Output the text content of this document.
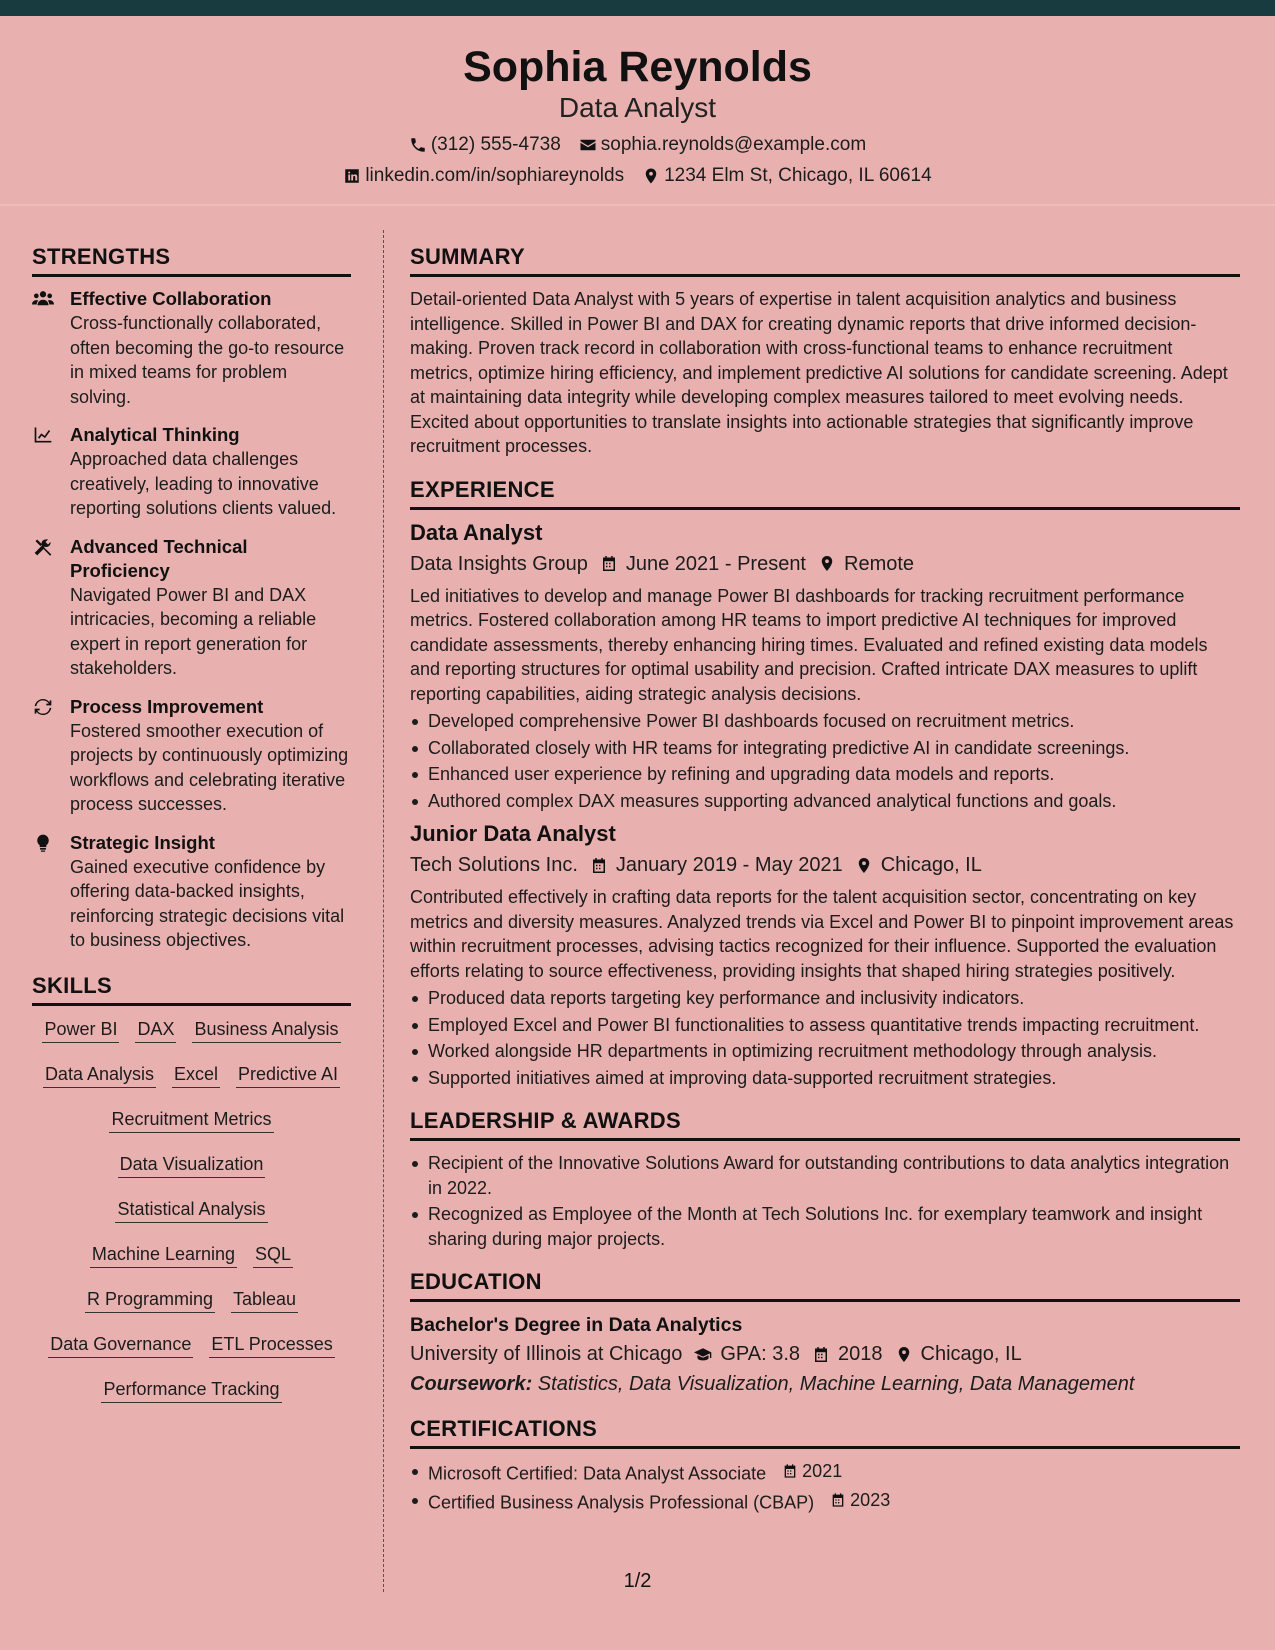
Sophia Reynolds
Data Analyst
(312) 555-4738 sophia.reynolds@example.com
linkedin.com/in/sophiareynolds 1234 Elm St, Chicago, IL 60614
STRENGTHS
Effective Collaboration
Cross-functionally collaborated, often becoming the go-to resource in mixed teams for problem solving.
Analytical Thinking
Approached data challenges creatively, leading to innovative reporting solutions clients valued.
Advanced Technical Proficiency
Navigated Power BI and DAX intricacies, becoming a reliable expert in report generation for stakeholders.
Process Improvement
Fostered smoother execution of projects by continuously optimizing workflows and celebrating iterative process successes.
Strategic Insight
Gained executive confidence by offering data-backed insights, reinforcing strategic decisions vital to business objectives.
SKILLS
Power BI DAX Business Analysis
Data Analysis Excel Predictive AI
Recruitment Metrics
Data Visualization
Statistical Analysis
Machine Learning SQL
R Programming Tableau
Data Governance ETL Processes
Performance Tracking
SUMMARY
Detail-oriented Data Analyst with 5 years of expertise in talent acquisition analytics and business intelligence. Skilled in Power BI and DAX for creating dynamic reports that drive informed decision-making. Proven track record in collaboration with cross-functional teams to enhance recruitment metrics, optimize hiring efficiency, and implement predictive AI solutions for candidate screening. Adept at maintaining data integrity while developing complex measures tailored to meet evolving needs. Excited about opportunities to translate insights into actionable strategies that significantly improve recruitment processes.
EXPERIENCE
Data Analyst
Data Insights Group June 2021 - Present Remote
Led initiatives to develop and manage Power BI dashboards for tracking recruitment performance metrics. Fostered collaboration among HR teams to import predictive AI techniques for improved candidate assessments, thereby enhancing hiring times. Evaluated and refined existing data models and reporting structures for optimal usability and precision. Crafted intricate DAX measures to uplift reporting capabilities, aiding strategic analysis decisions.
Developed comprehensive Power BI dashboards focused on recruitment metrics.
Collaborated closely with HR teams for integrating predictive AI in candidate screenings.
Enhanced user experience by refining and upgrading data models and reports.
Authored complex DAX measures supporting advanced analytical functions and goals.
Junior Data Analyst
Tech Solutions Inc. January 2019 - May 2021 Chicago, IL
Contributed effectively in crafting data reports for the talent acquisition sector, concentrating on key metrics and diversity measures. Analyzed trends via Excel and Power BI to pinpoint improvement areas within recruitment processes, advising tactics recognized for their influence. Supported the evaluation efforts relating to source effectiveness, providing insights that shaped hiring strategies positively.
Produced data reports targeting key performance and inclusivity indicators.
Employed Excel and Power BI functionalities to assess quantitative trends impacting recruitment.
Worked alongside HR departments in optimizing recruitment methodology through analysis.
Supported initiatives aimed at improving data-supported recruitment strategies.
LEADERSHIP & AWARDS
Recipient of the Innovative Solutions Award for outstanding contributions to data analytics integration in 2022.
Recognized as Employee of the Month at Tech Solutions Inc. for exemplary teamwork and insight sharing during major projects.
EDUCATION
Bachelor's Degree in Data Analytics
University of Illinois at Chicago GPA: 3.8 2018 Chicago, IL
Coursework: Statistics, Data Visualization, Machine Learning, Data Management
CERTIFICATIONS
Microsoft Certified: Data Analyst Associate 2021
Certified Business Analysis Professional (CBAP) 2023
1/2
